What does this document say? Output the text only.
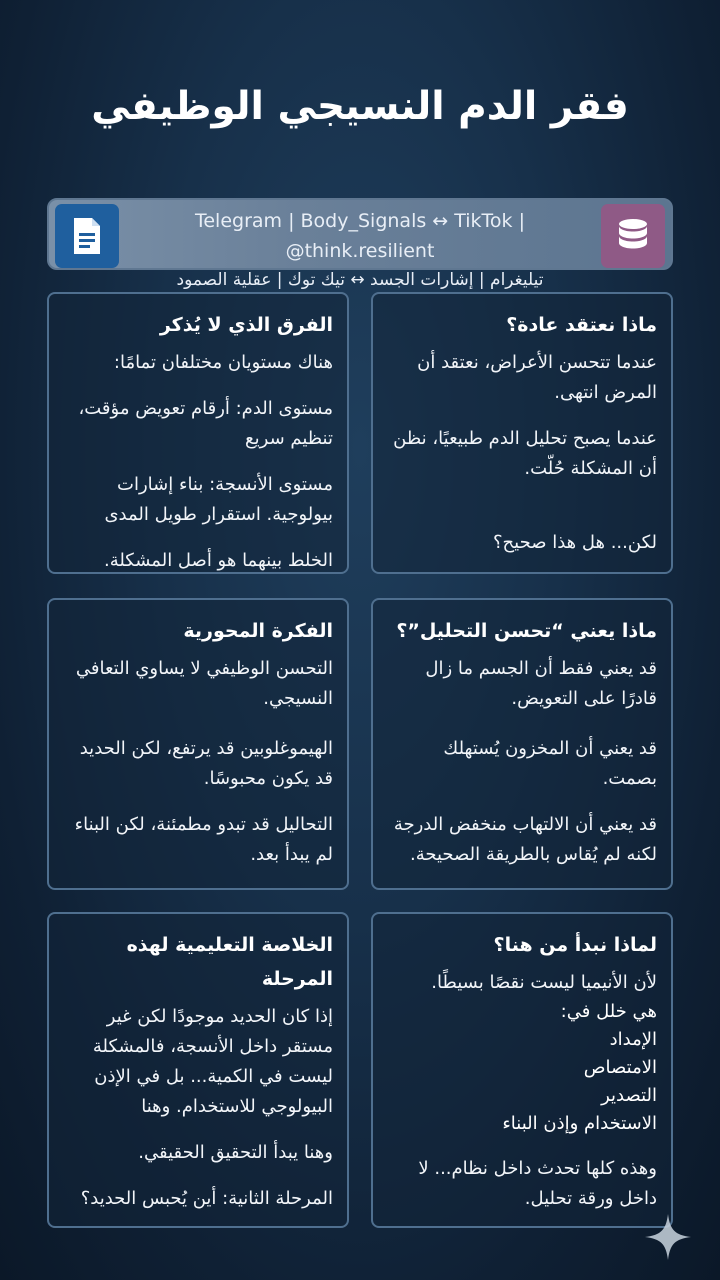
فقر الدم النسيجي الوظيفي
Telegram | Body_Signals ↔ TikTok | @think.resilient
تيليغرام | إشارات الجسد ↔ تيك توك | عقلية الصمود
ماذا نعتقد عادة؟
عندما تتحسن الأعراض، نعتقد أن المرض انتهى.
عندما يصبح تحليل الدم طبيعيًا، نظن أن المشكلة حُلّت.
لكن... هل هذا صحيح؟
الفرق الذي لا يُذكر
هناك مستويان مختلفان تمامًا:
مستوى الدم: أرقام تعويض مؤقت، تنظيم سريع
مستوى الأنسجة: بناء إشارات بيولوجية. استقرار طويل المدى
الخلط بينهما هو أصل المشكلة.
ماذا يعني “تحسن التحليل”؟
قد يعني فقط أن الجسم ما زال قادرًا على التعويض.
قد يعني أن المخزون يُستهلك بصمت.
قد يعني أن الالتهاب منخفض الدرجة لكنه لم يُقاس بالطريقة الصحيحة.
الفكرة المحورية
التحسن الوظيفي لا يساوي التعافي النسيجي.
الهيموغلوبين قد يرتفع، لكن الحديد قد يكون محبوسًا.
التحاليل قد تبدو مطمئنة، لكن البناء لم يبدأ بعد.
لماذا نبدأ من هنا؟
لأن الأنيميا ليست نقصًا بسيطًا.
هي خلل في:
الإمداد
الامتصاص
التصدير
الاستخدام وإذن البناء
وهذه كلها تحدث داخل نظام... لا داخل ورقة تحليل.
الخلاصة التعليمية لهذه المرحلة
إذا كان الحديد موجودًا لكن غير مستقر داخل الأنسجة، فالمشكلة ليست في الكمية... بل في الإذن البيولوجي للاستخدام. وهنا
وهنا يبدأ التحقيق الحقيقي.
المرحلة الثانية: أين يُحبس الحديد؟
